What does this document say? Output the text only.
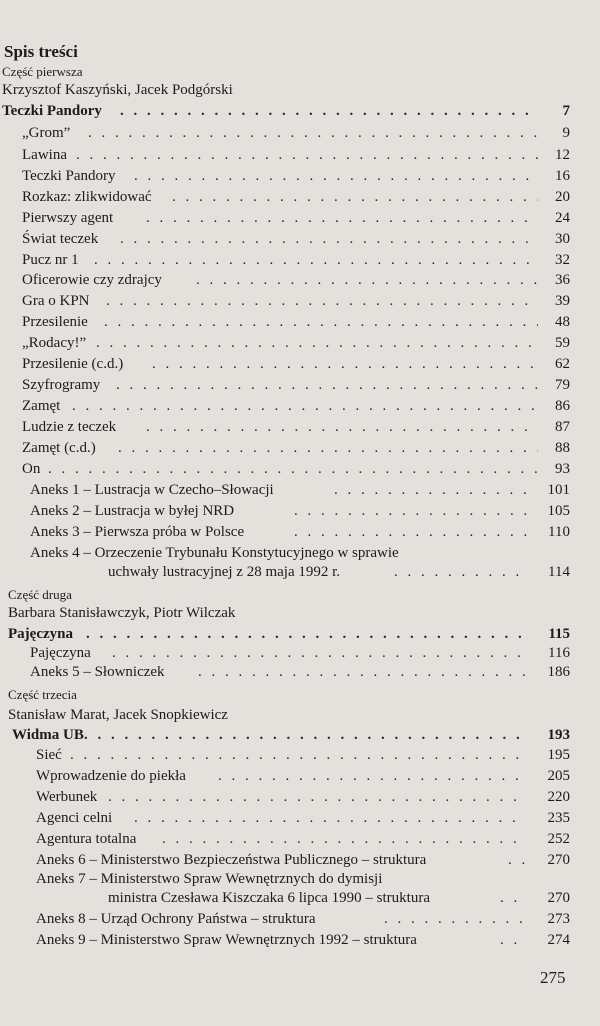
Spis treści
Część pierwsza
Krzysztof Kaszyński, Jacek Podgórski
Teczki Pandory . . .	7
„Grom” . . .	9
Lawina . . .	12
Teczki Pandory . . .	16
Rozkaz: zlikwidować . . .	20
Pierwszy agent . . .	24
Świat teczek . . .	30
Pucz nr 1 . . .	32
Oficerowie czy zdrajcy . . .	36
Gra o KPN . . .	39
Przesilenie . . .	48
„Rodacy!” . . .	59
Przesilenie (c.d.) . . .	62
Szyfrogramy . . .	79
Zamęt . . .	86
Ludzie z teczek . . .	87
Zamęt (c.d.) . . .	88
On . . .	93
Aneks 1 – Lustracja w Czecho–Słowacji . . .	101
Aneks 2 – Lustracja w byłej NRD . . .	105
Aneks 3 – Pierwsza próba w Polsce . . .	110
Aneks 4 – Orzeczenie Trybunału Konstytucyjnego w sprawie
uchwały lustracyjnej z 28 maja 1992 r. . . .	114
Część druga
Barbara Stanisławczyk, Piotr Wilczak
Pajęczyna . . .	115
Pajęczyna . . .	116
Aneks 5 – Słowniczek . . .	186
Część trzecia
Stanisław Marat, Jacek Snopkiewicz
Widma UB . . .	193
Sieć . . .	195
Wprowadzenie do piekła . . .	205
Werbunek . . .	220
Agenci celni . . .	235
Agentura totalna . . .	252
Aneks 6 – Ministerstwo Bezpieczeństwa Publicznego – struktura . . .	270
Aneks 7 – Ministerstwo Spraw Wewnętrznych do dymisji
ministra Czesława Kiszczaka 6 lipca 1990 – struktura . . .	270
Aneks 8 – Urząd Ochrony Państwa – struktura . . .	273
Aneks 9 – Ministerstwo Spraw Wewnętrznych 1992 – struktura . . .	274
275
